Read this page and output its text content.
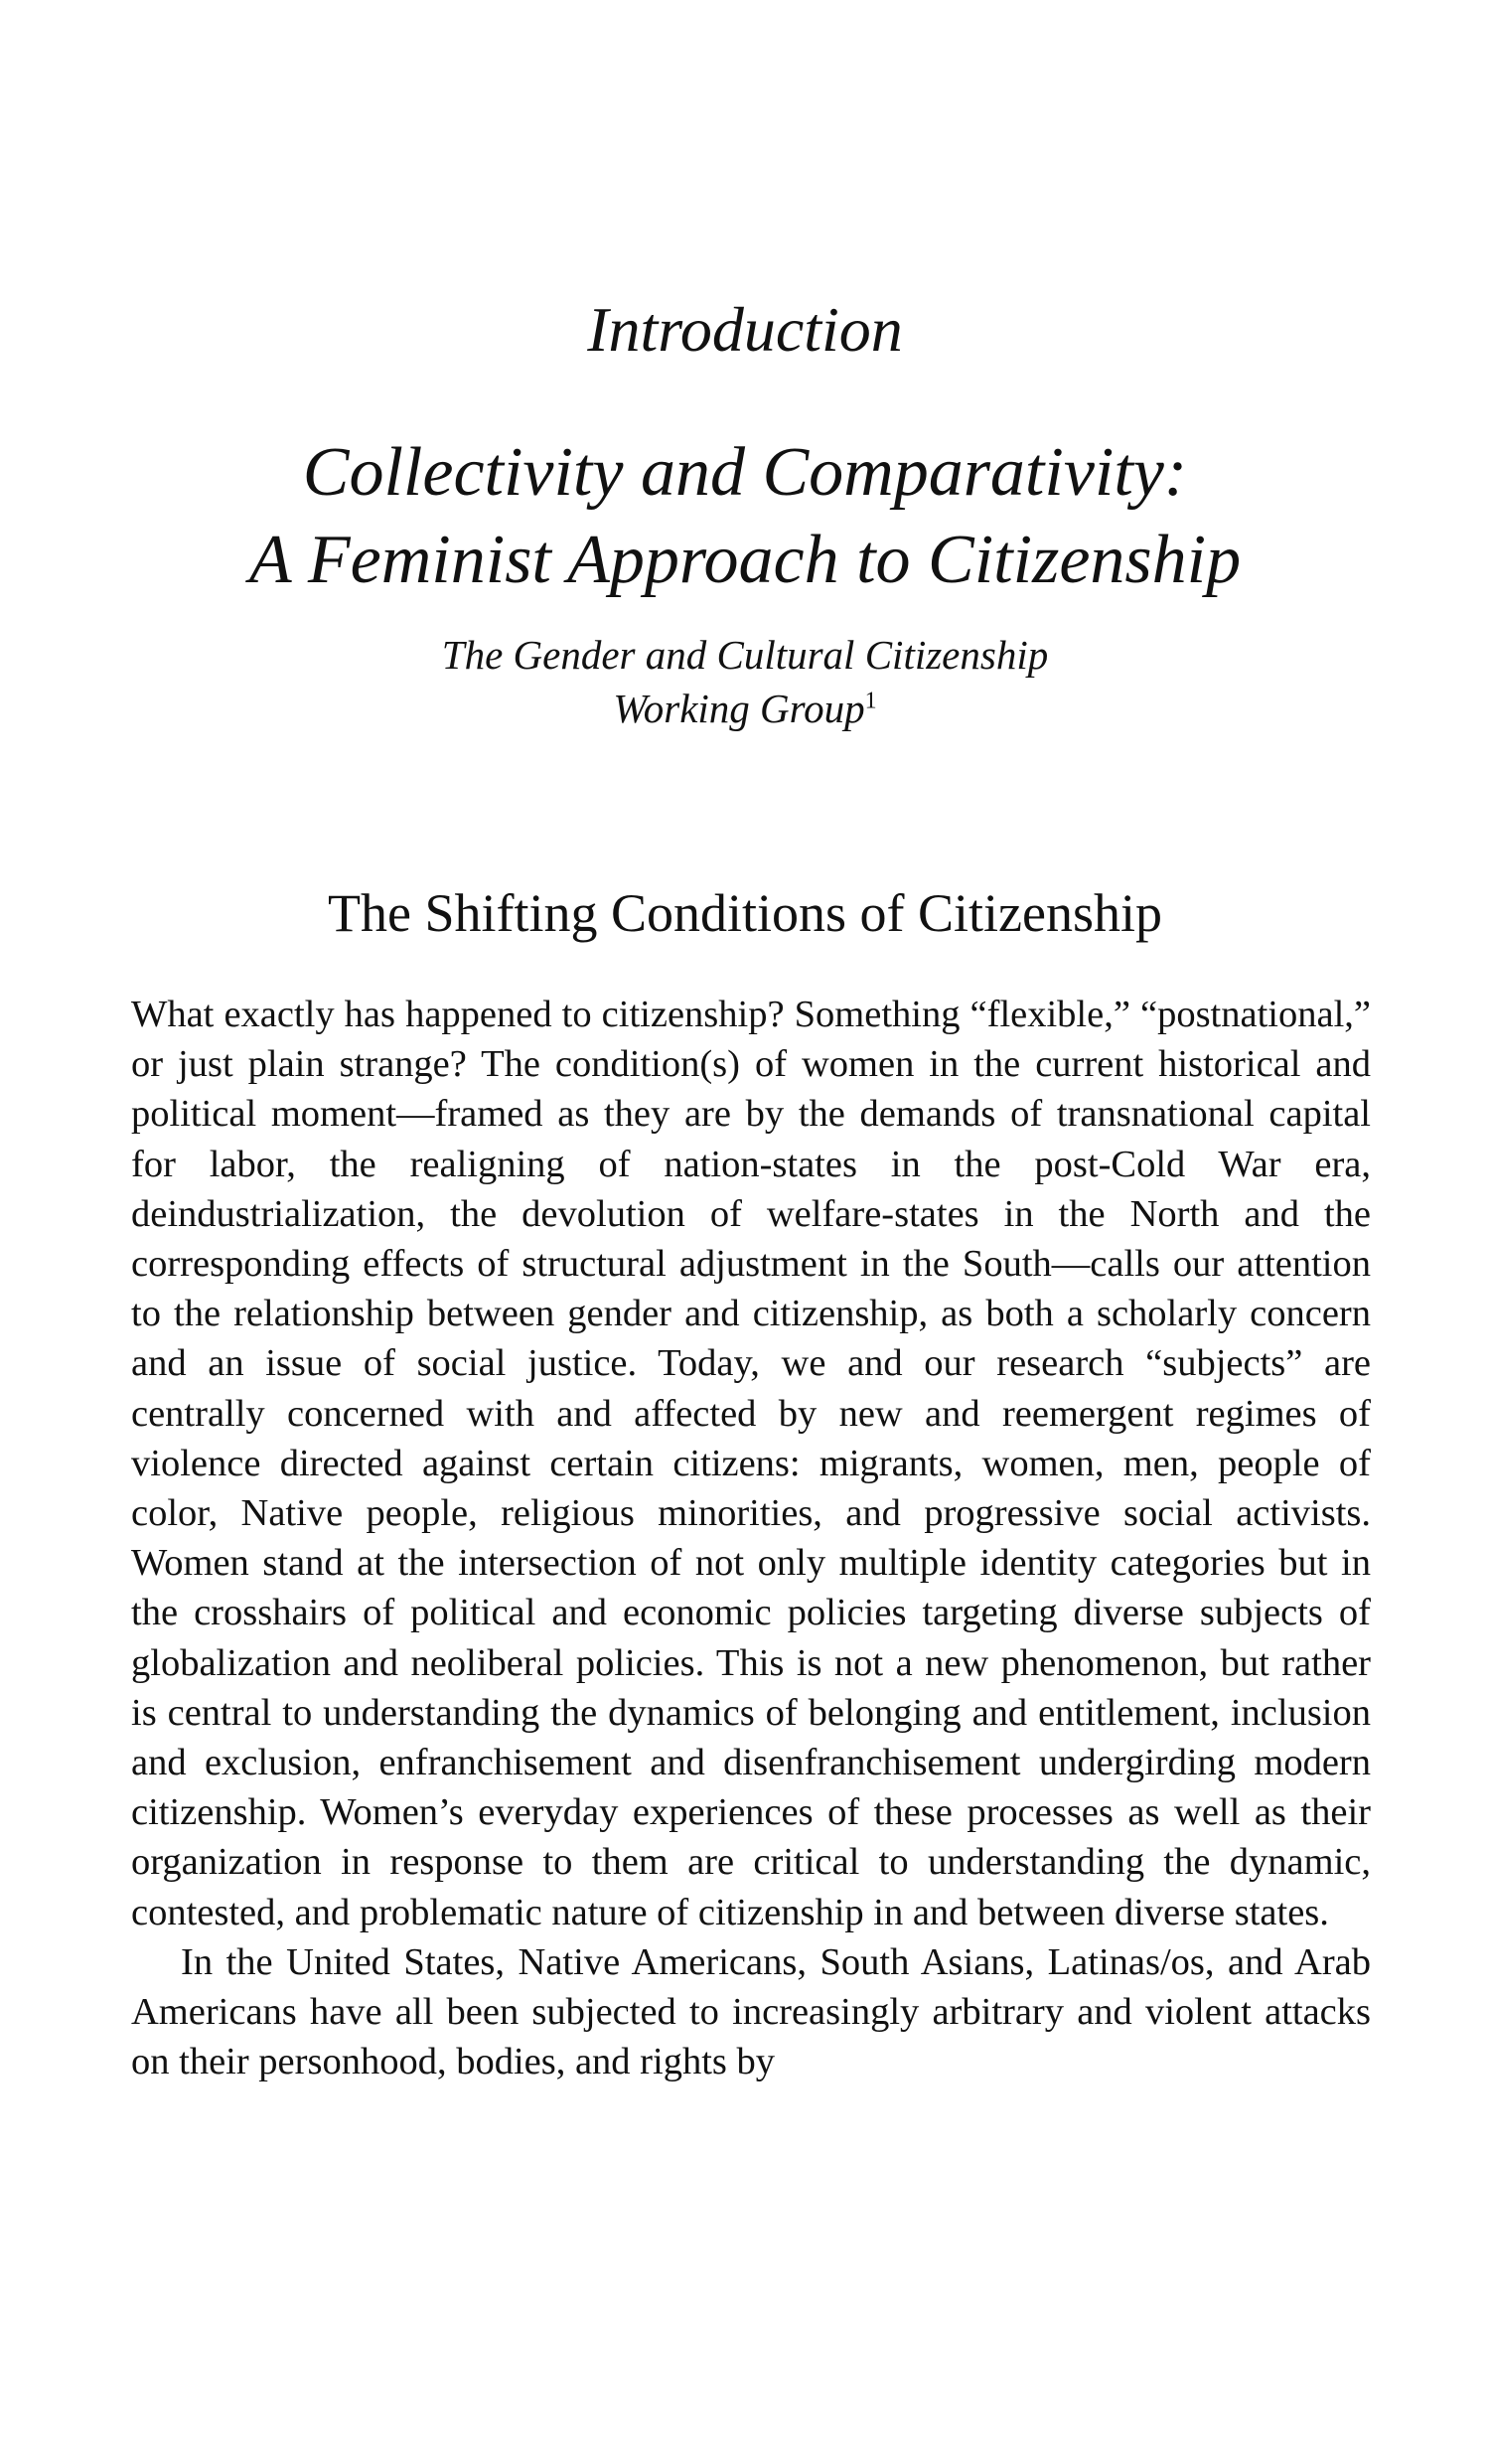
Introduction
Collectivity and Comparativity:
A Feminist Approach to Citizenship
The Gender and Cultural Citizenship
Working Group$^1$
The Shifting Conditions of Citizenship

What exactly has happened to citizenship? Something “flexible,” “postnational,” or just plain strange? The condition(s) of women in the current historical and political moment—framed as they are by the demands of transnational capital for labor, the realigning of nation-states in the post-Cold War era, deindustrialization, the devolution of welfare-states in the North and the corresponding effects of structural adjustment in the South—calls our attention to the relationship between gender and citizenship, as both a scholarly concern and an issue of social justice. Today, we and our research “subjects” are centrally concerned with and affected by new and reemergent regimes of violence directed against certain citizens: migrants, women, men, people of color, Native people, religious minorities, and progressive social activists. Women stand at the intersection of not only multiple identity categories but in the crosshairs of political and economic policies targeting diverse subjects of globalization and neoliberal policies. This is not a new phenomenon, but rather is central to understanding the dynamics of belonging and entitlement, inclusion and exclusion, enfranchisement and disenfranchisement undergirding modern citizenship. Women’s everyday experiences of these processes as well as their organization in response to them are critical to understanding the dynamic, contested, and problematic nature of citizenship in and between diverse states.

In the United States, Native Americans, South Asians, Latinas/os, and Arab Americans have all been subjected to increasingly arbitrary and violent attacks on their personhood, bodies, and rights by
